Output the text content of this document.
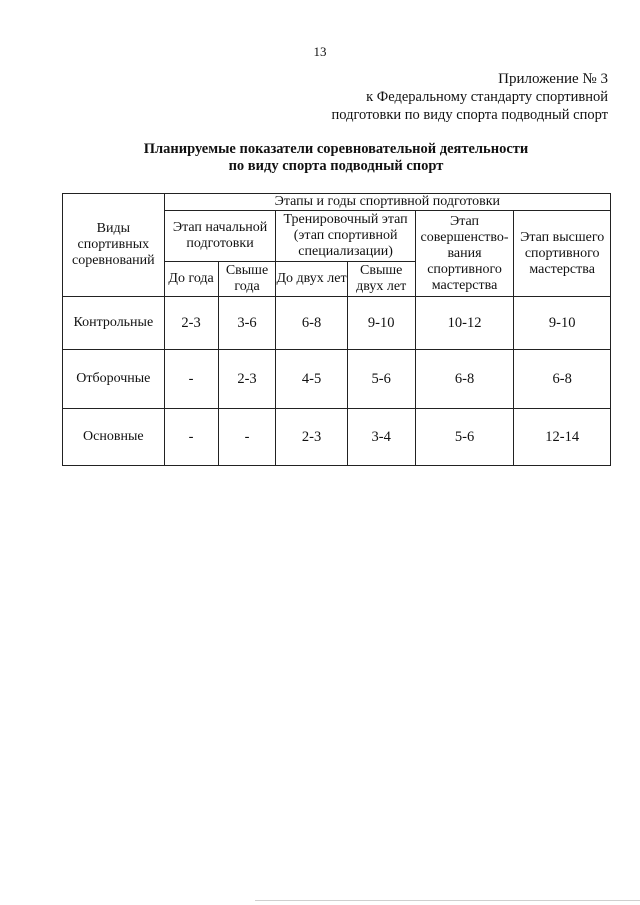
13
Приложение № 3
к Федеральному стандарту спортивной
подготовки по виду спорта подводный спорт
Планируемые показатели соревновательной деятельности
по виду спорта подводный спорт
Виды спортивных соревнований	Этапы и годы спортивной подготовки					
	Этап начальной подготовки		Тренировочный этап (этап спортивной специализации)		Этап совершенство-вания спортивного мастерства	Этап высшего спортивного мастерства
	До года	Свыше года	До двух лет	Свыше двух лет		
Контрольные	2-3	3-6	6-8	9-10	10-12	9-10
Отборочные	-	2-3	4-5	5-6	6-8	6-8
Основные	-	-	2-3	3-4	5-6	12-14
